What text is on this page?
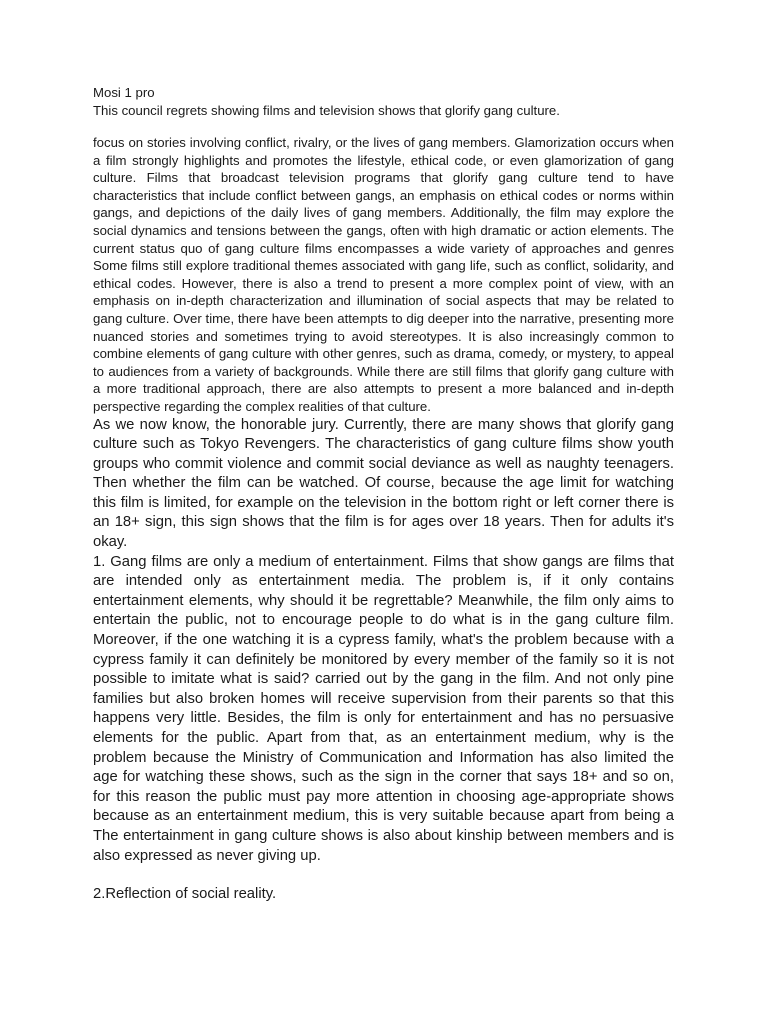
Mosi 1 pro
This council regrets showing films and television shows that glorify gang culture.

focus on stories involving conflict, rivalry, or the lives of gang members. Glamorization occurs when a film strongly highlights and promotes the lifestyle, ethical code, or even glamorization of gang culture. Films that broadcast television programs that glorify gang culture tend to have characteristics that include conflict between gangs, an emphasis on ethical codes or norms within gangs, and depictions of the daily lives of gang members. Additionally, the film may explore the social dynamics and tensions between the gangs, often with high dramatic or action elements. The current status quo of gang culture films encompasses a wide variety of approaches and genres Some films still explore traditional themes associated with gang life, such as conflict, solidarity, and ethical codes. However, there is also a trend to present a more complex point of view, with an emphasis on in-depth characterization and illumination of social aspects that may be related to gang culture. Over time, there have been attempts to dig deeper into the narrative, presenting more nuanced stories and sometimes trying to avoid stereotypes. It is also increasingly common to combine elements of gang culture with other genres, such as drama, comedy, or mystery, to appeal to audiences from a variety of backgrounds. While there are still films that glorify gang culture with a more traditional approach, there are also attempts to present a more balanced and in-depth perspective regarding the complex realities of that culture.

As we now know, the honorable jury. Currently, there are many shows that glorify gang culture such as Tokyo Revengers. The characteristics of gang culture films show youth groups who commit violence and commit social deviance as well as naughty teenagers. Then whether the film can be watched. Of course, because the age limit for watching this film is limited, for example on the television in the bottom right or left corner there is an 18+ sign, this sign shows that the film is for ages over 18 years. Then for adults it's okay.

1. Gang films are only a medium of entertainment. Films that show gangs are films that are intended only as entertainment media. The problem is, if it only contains entertainment elements, why should it be regrettable? Meanwhile, the film only aims to entertain the public, not to encourage people to do what is in the gang culture film. Moreover, if the one watching it is a cypress family, what's the problem because with a cypress family it can definitely be monitored by every member of the family so it is not possible to imitate what is said? carried out by the gang in the film. And not only pine families but also broken homes will receive supervision from their parents so that this happens very little. Besides, the film is only for entertainment and has no persuasive elements for the public. Apart from that, as an entertainment medium, why is the problem because the Ministry of Communication and Information has also limited the age for watching these shows, such as the sign in the corner that says 18+ and so on, for this reason the public must pay more attention in choosing age-appropriate shows because as an entertainment medium, this is very suitable because apart from being a The entertainment in gang culture shows is also about kinship between members and is also expressed as never giving up.

2.Reflection of social reality.
